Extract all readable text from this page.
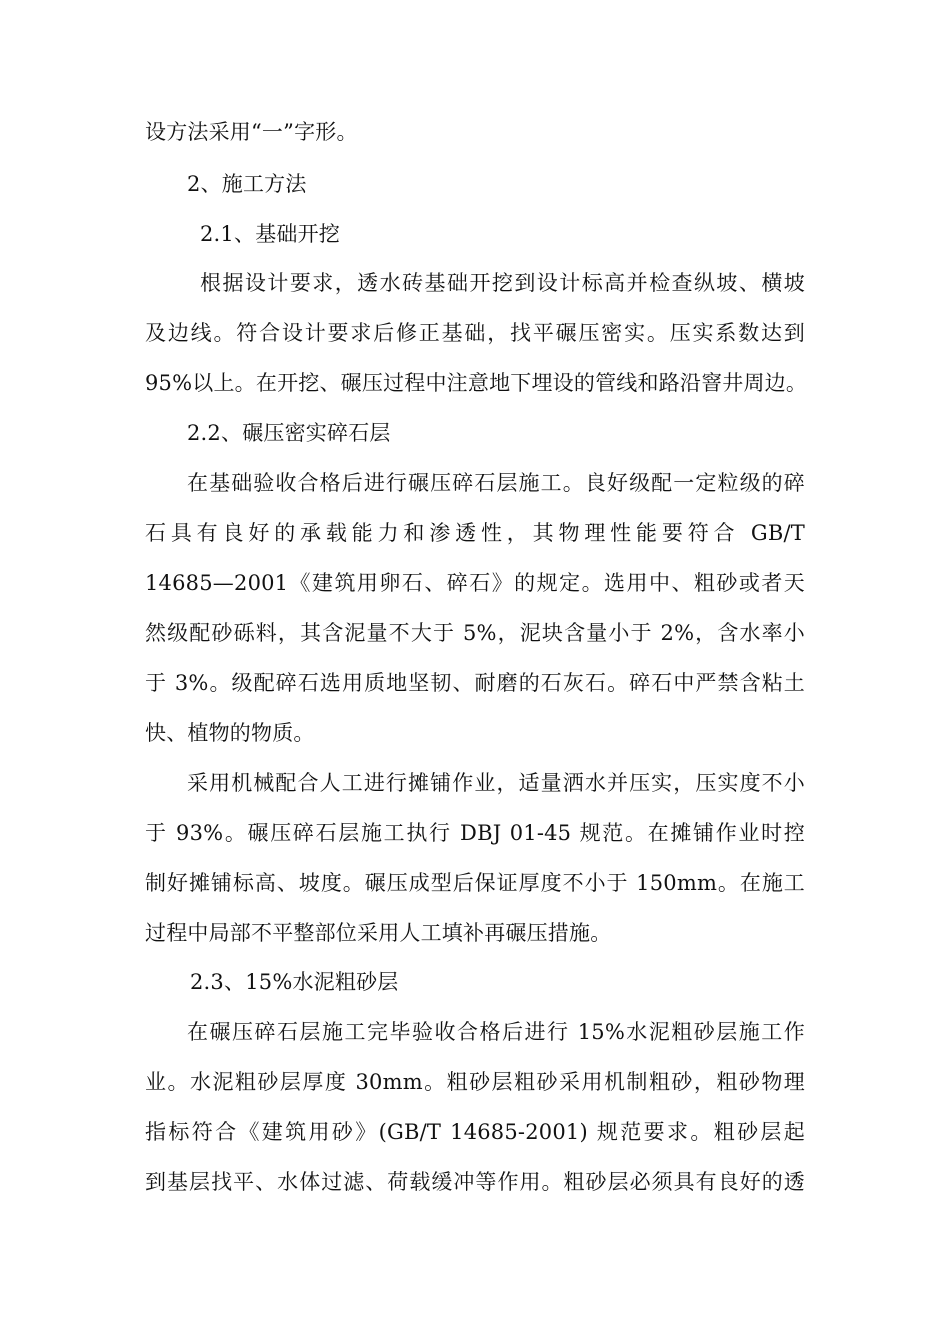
设方法采用“一”字形。
2、施工方法
2.1、基础开挖
根据设计要求，透水砖基础开挖到设计标高并检查纵坡、横坡
及边线。符合设计要求后修正基础，找平碾压密实。压实系数达到
95%以上。在开挖、碾压过程中注意地下埋设的管线和路沿窨井周边。
2.2、碾压密实碎石层
在基础验收合格后进行碾压碎石层施工。良好级配一定粒级的碎
石具有良好的承载能力和渗透性，其物理性能要符合 GB/T
14685—2001《建筑用卵石、碎石》的规定。选用中、粗砂或者天
然级配砂砾料，其含泥量不大于 5%，泥块含量小于 2%，含水率小
于 3%。级配碎石选用质地坚韧、耐磨的石灰石。碎石中严禁含粘土
快、植物的物质。
采用机械配合人工进行摊铺作业，适量洒水并压实，压实度不小
于 93%。碾压碎石层施工执行 DBJ 01-45 规范。在摊铺作业时控
制好摊铺标高、坡度。碾压成型后保证厚度不小于 150mm。在施工
过程中局部不平整部位采用人工填补再碾压措施。
2.3、15%水泥粗砂层
在碾压碎石层施工完毕验收合格后进行 15%水泥粗砂层施工作
业。水泥粗砂层厚度 30mm。粗砂层粗砂采用机制粗砂，粗砂物理
指标符合《建筑用砂》(GB/T 14685-2001) 规范要求。粗砂层起
到基层找平、水体过滤、荷载缓冲等作用。粗砂层必须具有良好的透
